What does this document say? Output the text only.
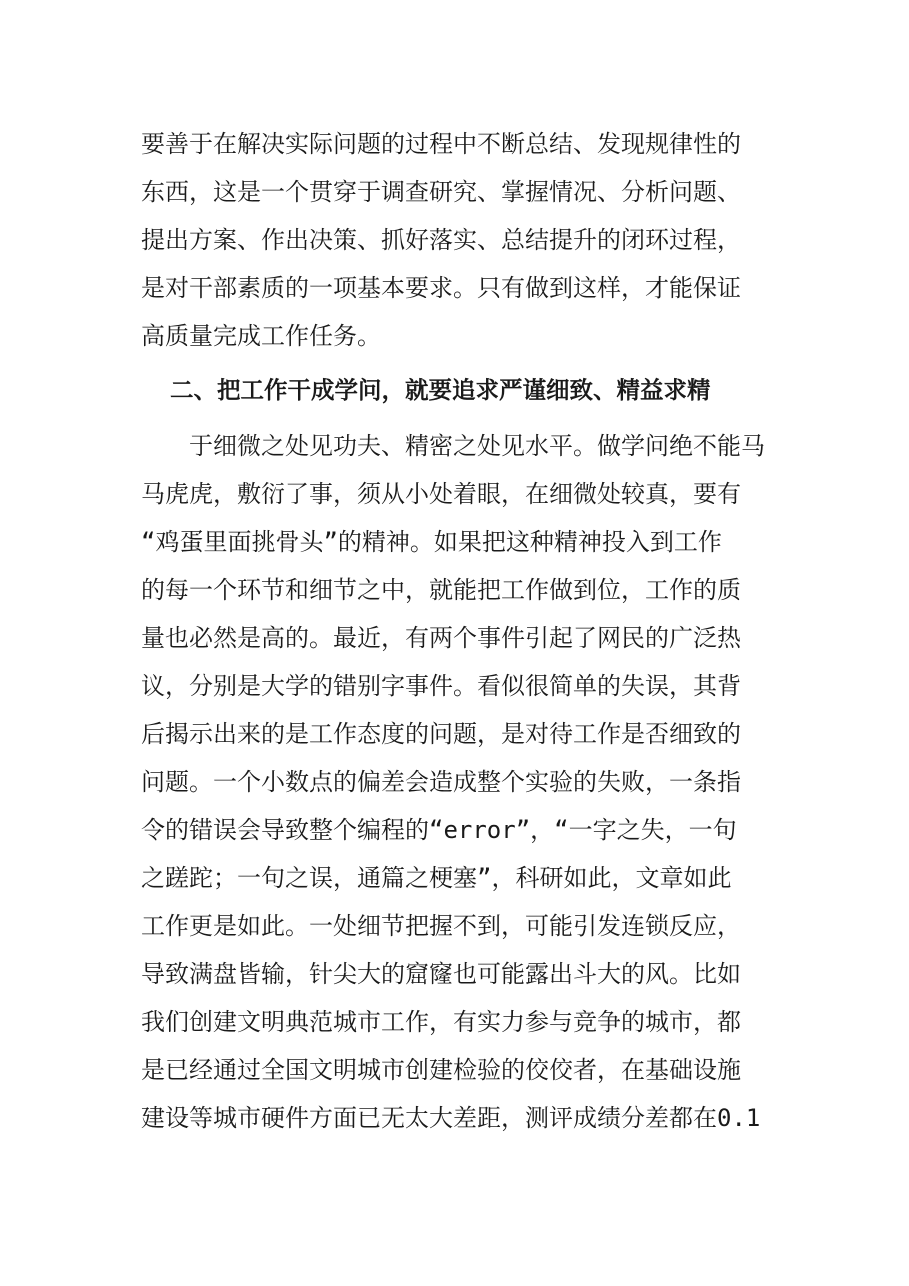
要善于在解决实际问题的过程中不断总结、发现规律性的
东西，这是一个贯穿于调查研究、掌握情况、分析问题、
提出方案、作出决策、抓好落实、总结提升的闭环过程，
是对干部素质的一项基本要求。只有做到这样，才能保证
高质量完成工作任务。
二、把工作干成学问，就要追求严谨细致、精益求精
　　于细微之处见功夫、精密之处见水平。做学问绝不能马
马虎虎，敷衍了事，须从小处着眼，在细微处较真，要有
“鸡蛋里面挑骨头”的精神。如果把这种精神投入到工作
的每一个环节和细节之中，就能把工作做到位，工作的质
量也必然是高的。最近，有两个事件引起了网民的广泛热
议，分别是大学的错别字事件。看似很简单的失误，其背
后揭示出来的是工作态度的问题，是对待工作是否细致的
问题。一个小数点的偏差会造成整个实验的失败，一条指
令的错误会导致整个编程的“error”，“一字之失，一句
之蹉跎；一句之误，通篇之梗塞”，科研如此，文章如此
工作更是如此。一处细节把握不到，可能引发连锁反应，
导致满盘皆输，针尖大的窟窿也可能露出斗大的风。比如
我们创建文明典范城市工作，有实力参与竞争的城市，都
是已经通过全国文明城市创建检验的佼佼者，在基础设施
建设等城市硬件方面已无太大差距，测评成绩分差都在0.1
